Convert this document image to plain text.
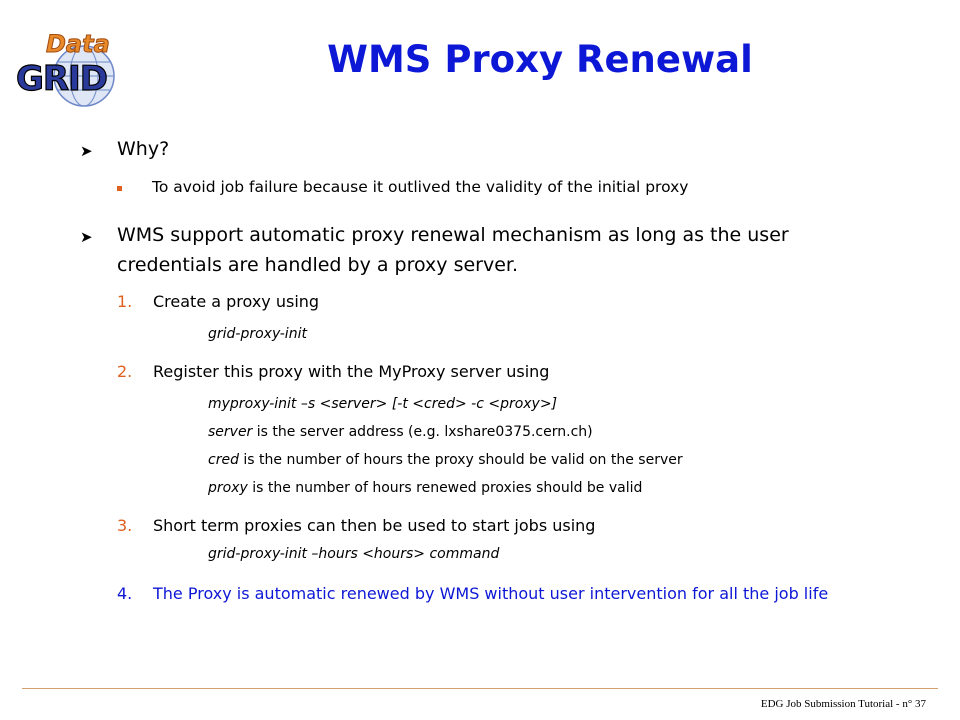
Data
GRID	WMS Proxy Renewal
➤ Why?
To avoid job failure because it outlived the validity of the initial proxy
➤ WMS support automatic proxy renewal mechanism as long as the user credentials are handled by a proxy server.
1. Create a proxy using
grid-proxy-init
2. Register this proxy with the MyProxy server using
myproxy-init –s <server> [-t <cred> -c <proxy>]
server is the server address (e.g. lxshare0375.cern.ch)
cred is the number of hours the proxy should be valid on the server
proxy is the number of hours renewed proxies should be valid
3. Short term proxies can then be used to start jobs using
grid-proxy-init –hours <hours> command
4. The Proxy is automatic renewed by WMS without user intervention for all the job life
EDG Job Submission Tutorial - n° 37
